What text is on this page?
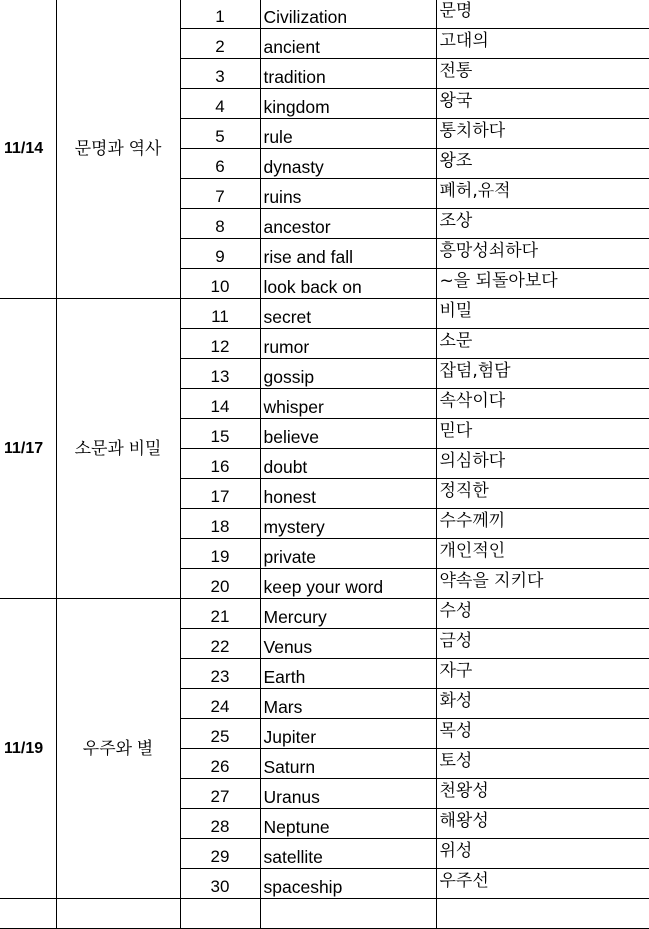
11/14	문명과 역사	1	Civilization	문명
		2	ancient	고대의
		3	tradition	전통
		4	kingdom	왕국
		5	rule	통치하다
		6	dynasty	왕조
		7	ruins	폐허,유적
		8	ancestor	조상
		9	rise and fall	흥망성쇠하다
		10	look back on	~을 되돌아보다
11/17	소문과 비밀	11	secret	비밀
		12	rumor	소문
		13	gossip	잡덤,험담
		14	whisper	속삭이다
		15	believe	믿다
		16	doubt	의심하다
		17	honest	정직한
		18	mystery	수수께끼
		19	private	개인적인
		20	keep your word	약속을 지키다
11/19	우주와 별	21	Mercury	수성
		22	Venus	금성
		23	Earth	자구
		24	Mars	화성
		25	Jupiter	목성
		26	Saturn	토성
		27	Uranus	천왕성
		28	Neptune	해왕성
		29	satellite	위성
		30	spaceship	우주선
